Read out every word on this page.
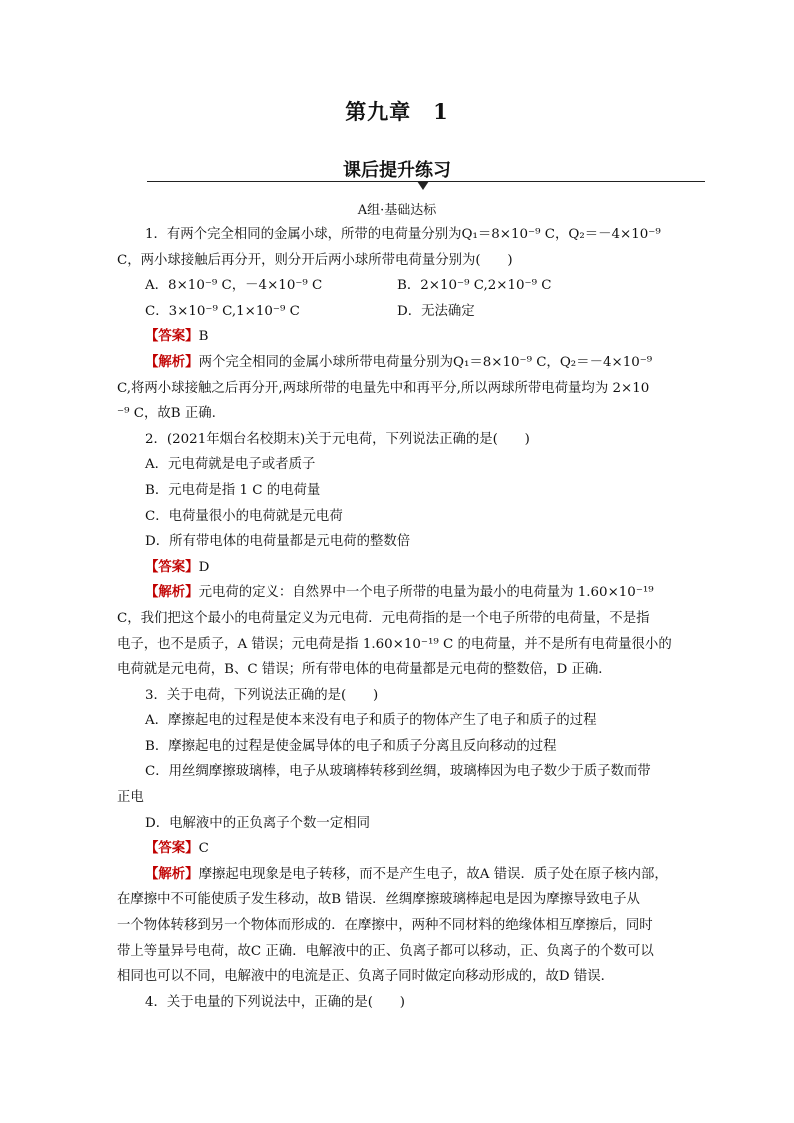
第九章　1
课后提升练习
A组·基础达标

1．有两个完全相同的金属小球，所带的电荷量分别为Q₁＝8×10⁻⁹ C，Q₂＝－4×10⁻⁹

C，两小球接触后再分开，则分开后两小球所带电荷量分别为(　　)

A．8×10⁻⁹ C，－4×10⁻⁹ C	B．2×10⁻⁹ C,2×10⁻⁹ C
C．3×10⁻⁹ C,1×10⁻⁹ C	D．无法确定

【答案】B

【解析】两个完全相同的金属小球所带电荷量分别为Q₁＝8×10⁻⁹ C，Q₂＝－4×10⁻⁹

C,将两小球接触之后再分开,两球所带的电量先中和再平分,所以两球所带电荷量均为 2×10

⁻⁹ C，故B 正确.

2．(2021年烟台名校期末)关于元电荷，下列说法正确的是(　　)

A．元电荷就是电子或者质子

B．元电荷是指 1 C 的电荷量

C．电荷量很小的电荷就是元电荷

D．所有带电体的电荷量都是元电荷的整数倍

【答案】D

【解析】元电荷的定义：自然界中一个电子所带的电量为最小的电荷量为 1.60×10⁻¹⁹

C，我们把这个最小的电荷量定义为元电荷．元电荷指的是一个电子所带的电荷量，不是指

电子，也不是质子，A 错误；元电荷是指 1.60×10⁻¹⁹ C 的电荷量，并不是所有电荷量很小的

电荷就是元电荷，B、C 错误；所有带电体的电荷量都是元电荷的整数倍，D 正确．

3．关于电荷，下列说法正确的是(　　)

A．摩擦起电的过程是使本来没有电子和质子的物体产生了电子和质子的过程

B．摩擦起电的过程是使金属导体的电子和质子分离且反向移动的过程

C．用丝绸摩擦玻璃棒，电子从玻璃棒转移到丝绸，玻璃棒因为电子数少于质子数而带

正电

D．电解液中的正负离子个数一定相同

【答案】C

【解析】摩擦起电现象是电子转移，而不是产生电子，故A 错误．质子处在原子核内部，

在摩擦中不可能使质子发生移动，故B 错误．丝绸摩擦玻璃棒起电是因为摩擦导致电子从

一个物体转移到另一个物体而形成的．在摩擦中，两种不同材料的绝缘体相互摩擦后，同时

带上等量异号电荷，故C 正确．电解液中的正、负离子都可以移动，正、负离子的个数可以

相同也可以不同，电解液中的电流是正、负离子同时做定向移动形成的，故D 错误．

4．关于电量的下列说法中，正确的是(　　)
